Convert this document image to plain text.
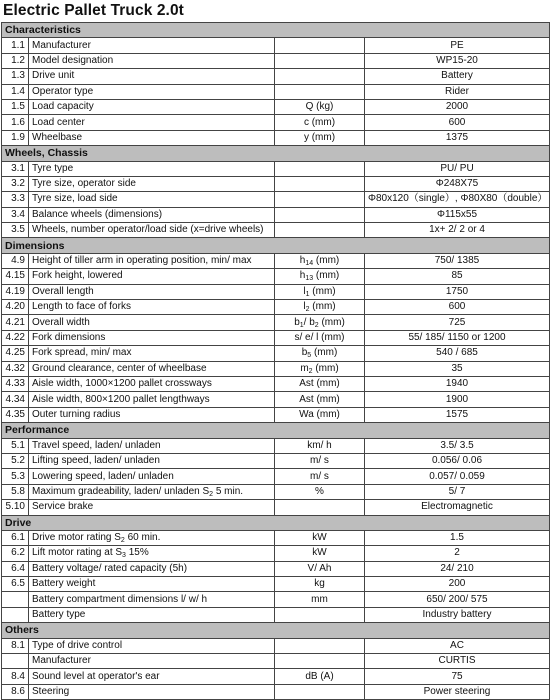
Electric Pallet Truck 2.0t
Characteristics			
1.1	Manufacturer		PE
1.2	Model designation		WP15-20
1.3	Drive unit		Battery
1.4	Operator type		Rider
1.5	Load capacity	Q (kg)	2000
1.6	Load center	c (mm)	600
1.9	Wheelbase	y (mm)	1375
Wheels, Chassis			
3.1	Tyre type		PU/ PU
3.2	Tyre size, operator side		Φ248X75
3.3	Tyre size, load side		Φ80x120（single）, Φ80X80（double）
3.4	Balance wheels (dimensions)		Φ115x55
3.5	Wheels, number operator/load side (x=drive wheels)		1x+ 2/ 2 or 4
Dimensions			
4.9	Height of tiller arm in operating position, min/ max	$h_{14}$ (mm)	750/ 1385
4.15	Fork height, lowered	$h_{13}$ (mm)	85
4.19	Overall length	$l_1$ (mm)	1750
4.20	Length to face of forks	$l_2$ (mm)	600
4.21	Overall width	$b_1/$ $b_2$ (mm)	725
4.22	Fork dimensions	s/ e/ l (mm)	55/ 185/ 1150 or 1200
4.25	Fork spread, min/ max	$b_5$ (mm)	540 / 685
4.32	Ground clearance, center of wheelbase	$m_2$ (mm)	35
4.33	Aisle width, 1000×1200 pallet crossways	Ast (mm)	1940
4.34	Aisle width, 800×1200 pallet lengthways	Ast (mm)	1900
4.35	Outer turning radius	Wa (mm)	1575
Performance			
5.1	Travel speed, laden/ unladen	km/ h	3.5/ 3.5
5.2	Lifting speed, laden/ unladen	m/ s	0.056/ 0.06
5.3	Lowering speed, laden/ unladen	m/ s	0.057/ 0.059
5.8	Maximum gradeability, laden/ unladen $S_2$ 5 min.	%	5/ 7
5.10	Service brake		Electromagnetic
Drive			
6.1	Drive motor rating $S_2$ 60 min.	kW	1.5
6.2	Lift motor rating at $S_3$ 15%	kW	2
6.4	Battery voltage/ rated capacity (5h)	V/ Ah	24/ 210
6.5	Battery weight	kg	200
	Battery compartment dimensions l/ w/ h	mm	650/ 200/ 575
	Battery type		Industry battery
Others			
8.1	Type of drive control		AC
	Manufacturer		CURTIS
8.4	Sound level at operator's ear	dB (A)	75
8.6	Steering		Power steering
